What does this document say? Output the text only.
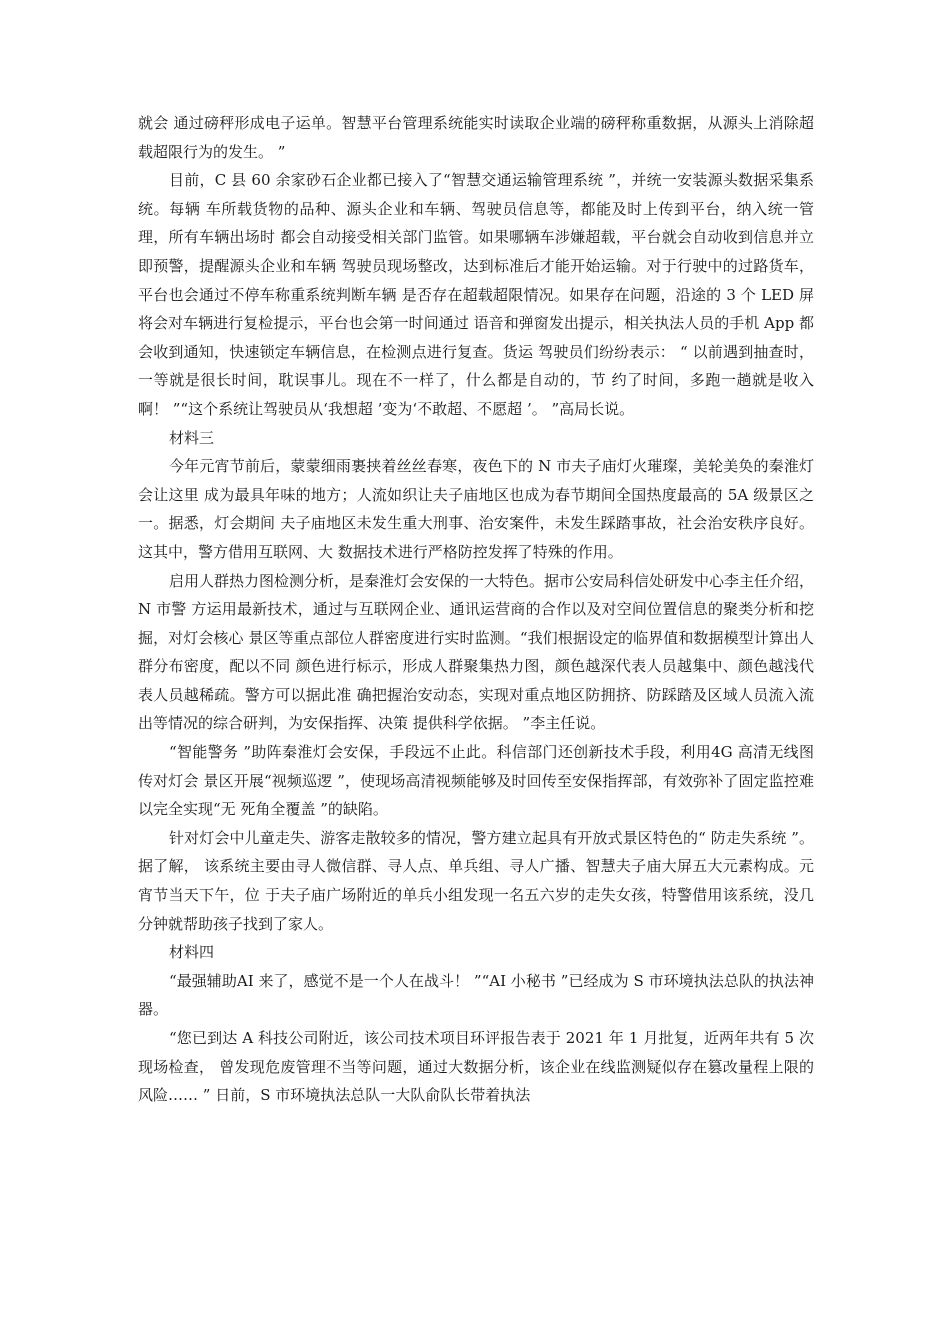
就会 通过磅秤形成电子运单。智慧平台管理系统能实时读取企业端的磅秤称重数据，从源头上消除超载超限行为的发生。 ”

目前，C 县 60 余家砂石企业都已接入了“智慧交通运输管理系统 ”，并统一安装源头数据采集系统。每辆 车所载货物的品种、源头企业和车辆、驾驶员信息等，都能及时上传到平台，纳入统一管理，所有车辆出场时 都会自动接受相关部门监管。如果哪辆车涉嫌超载，平台就会自动收到信息并立即预警，提醒源头企业和车辆 驾驶员现场整改，达到标准后才能开始运输。对于行驶中的过路货车，平台也会通过不停车称重系统判断车辆 是否存在超载超限情况。如果存在问题，沿途的 3 个 LED 屏将会对车辆进行复检提示，平台也会第一时间通过 语音和弹窗发出提示，相关执法人员的手机 App 都会收到通知，快速锁定车辆信息，在检测点进行复查。货运 驾驶员们纷纷表示： “ 以前遇到抽查时，一等就是很长时间，耽误事儿。现在不一样了，什么都是自动的，节 约了时间，多跑一趟就是收入啊！ ”“这个系统让驾驶员从‘我想超 ’变为‘不敢超、不愿超 ’。 ”高局长说。

材料三

今年元宵节前后，蒙蒙细雨裹挟着丝丝春寒，夜色下的 N 市夫子庙灯火璀璨，美轮美奂的秦淮灯会让这里 成为最具年味的地方；人流如织让夫子庙地区也成为春节期间全国热度最高的 5A 级景区之一。据悉，灯会期间 夫子庙地区未发生重大刑事、治安案件，未发生踩踏事故，社会治安秩序良好。这其中，警方借用互联网、大 数据技术进行严格防控发挥了特殊的作用。

启用人群热力图检测分析，是秦淮灯会安保的一大特色。据市公安局科信处研发中心李主任介绍，N 市警 方运用最新技术，通过与互联网企业、通讯运营商的合作以及对空间位置信息的聚类分析和挖掘，对灯会核心 景区等重点部位人群密度进行实时监测。“我们根据设定的临界值和数据模型计算出人群分布密度，配以不同 颜色进行标示，形成人群聚集热力图，颜色越深代表人员越集中、颜色越浅代表人员越稀疏。警方可以据此准 确把握治安动态，实现对重点地区防拥挤、防踩踏及区域人员流入流出等情况的综合研判，为安保指挥、决策 提供科学依据。 ”李主任说。

“智能警务 ”助阵秦淮灯会安保，手段远不止此。科信部门还创新技术手段，利用4G 高清无线图传对灯会 景区开展“视频巡逻 ”，使现场高清视频能够及时回传至安保指挥部，有效弥补了固定监控难以完全实现“无 死角全覆盖 ”的缺陷。

针对灯会中儿童走失、游客走散较多的情况，警方建立起具有开放式景区特色的“ 防走失系统 ”。据了解， 该系统主要由寻人微信群、寻人点、单兵组、寻人广播、智慧夫子庙大屏五大元素构成。元宵节当天下午，位 于夫子庙广场附近的单兵小组发现一名五六岁的走失女孩，特警借用该系统，没几分钟就帮助孩子找到了家人。

材料四

“最强辅助AI 来了，感觉不是一个人在战斗！ ”“AI 小秘书 ”已经成为 S 市环境执法总队的执法神器。

“您已到达 A 科技公司附近，该公司技术项目环评报告表于 2021 年 1 月批复，近两年共有 5 次现场检查， 曾发现危废管理不当等问题，通过大数据分析，该企业在线监测疑似存在篡改量程上限的风险…… ” 日前，S 市环境执法总队一大队俞队长带着执法
